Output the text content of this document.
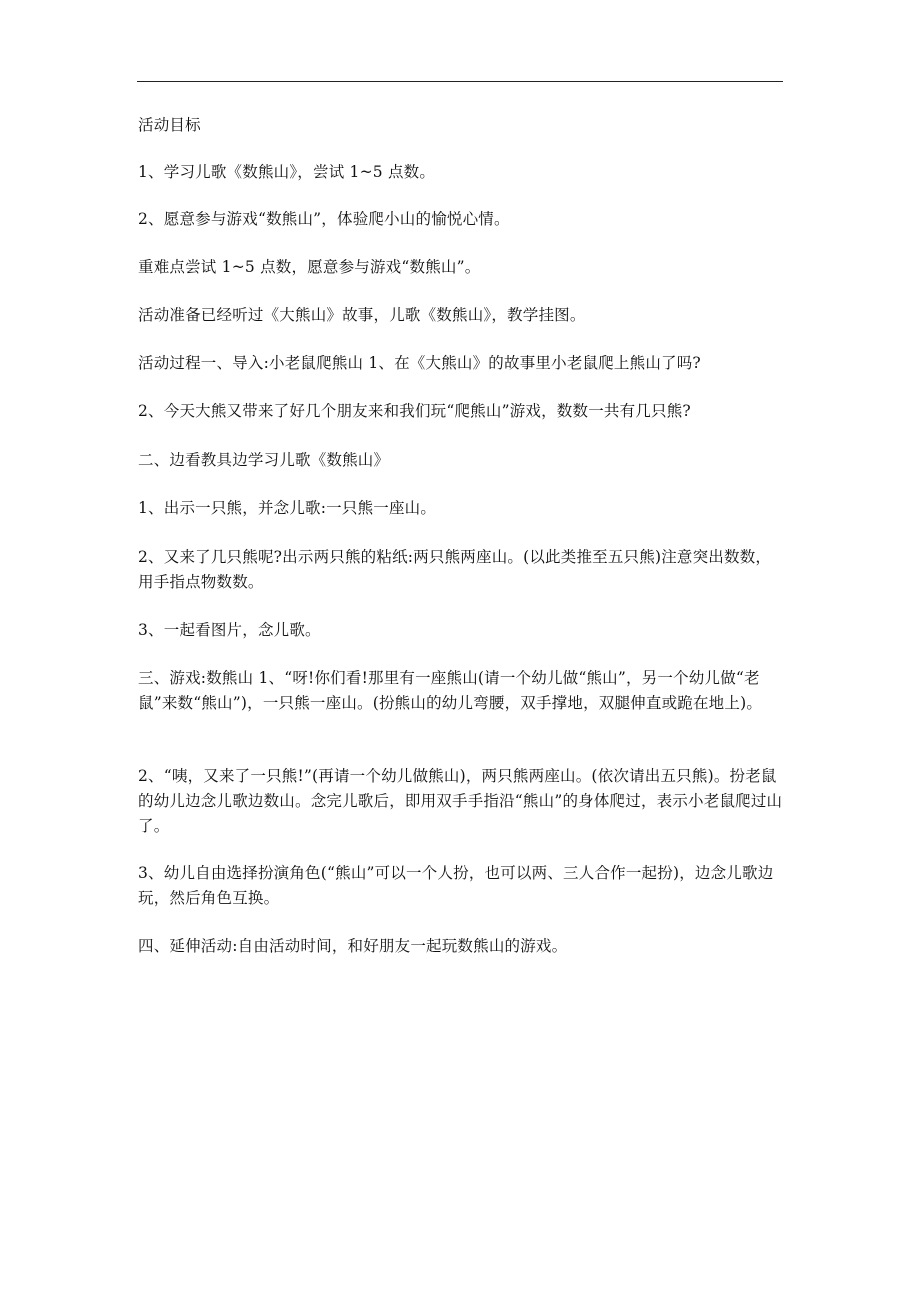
活动目标

1、学习儿歌《数熊山》，尝试 1~5 点数。

2、愿意参与游戏“数熊山”，体验爬小山的愉悦心情。

重难点尝试 1~5 点数，愿意参与游戏“数熊山”。

活动准备已经听过《大熊山》故事，儿歌《数熊山》，教学挂图。

活动过程一、导入:小老鼠爬熊山 1、在《大熊山》的故事里小老鼠爬上熊山了吗?

2、今天大熊又带来了好几个朋友来和我们玩“爬熊山”游戏，数数一共有几只熊?

二、边看教具边学习儿歌《数熊山》

1、出示一只熊，并念儿歌:一只熊一座山。

2、又来了几只熊呢?出示两只熊的粘纸:两只熊两座山。(以此类推至五只熊)注意突出数数，用手指点物数数。

3、一起看图片，念儿歌。

三、游戏:数熊山 1、“呀!你们看!那里有一座熊山(请一个幼儿做“熊山”，另一个幼儿做“老鼠”来数“熊山”)，一只熊一座山。(扮熊山的幼儿弯腰，双手撑地，双腿伸直或跪在地上)。

2、“咦，又来了一只熊!”(再请一个幼儿做熊山)，两只熊两座山。(依次请出五只熊)。扮老鼠的幼儿边念儿歌边数山。念完儿歌后，即用双手手指沿“熊山”的身体爬过，表示小老鼠爬过山了。

3、幼儿自由选择扮演角色(“熊山”可以一个人扮，也可以两、三人合作一起扮)，边念儿歌边玩，然后角色互换。

四、延伸活动:自由活动时间，和好朋友一起玩数熊山的游戏。
